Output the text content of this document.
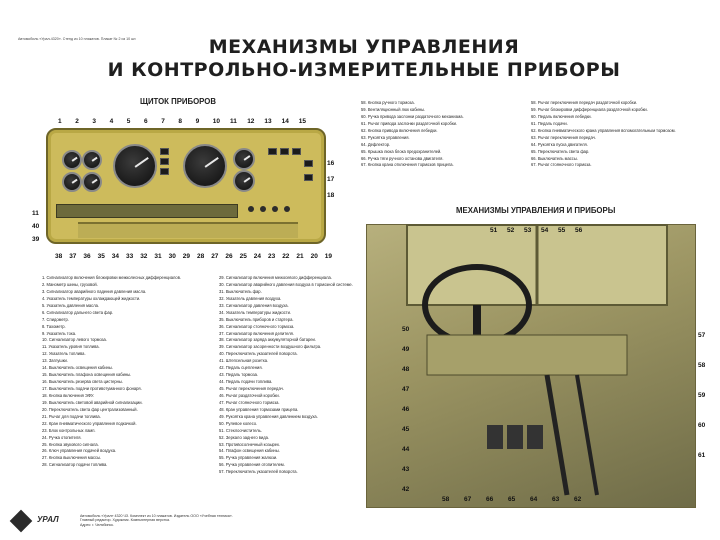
Автомобиль «Урал-4320». Стенд из 10 плакатов. Плакат № 2 из 10 шт.	МЕХАНИЗМЫ УПРАВЛЕНИЯ
И КОНТРОЛЬНО-ИЗМЕРИТЕЛЬНЫЕ ПРИБОРЫ
ЩИТОК ПРИБОРОВ
1 2 3 4 5 6 7 8 9 10 11 12 13 14 15
16
17
18
11
40
39
38 37 36 35 34 33 32 31 30 29 28 27 26 25 24 23 22 21 20 19
МЕХАНИЗМЫ УПРАВЛЕНИЯ И ПРИБОРЫ
51 52 53 54 55 56
50
49
48
47
46
45
44
43
42
57
58
59
60
61
58 67 66 65 64 63 62
1. Сигнализатор включения блокировки межколесных дифференциалов.
2. Манометр шины, грузовой.
3. Сигнализатор аварийного падения давления масла.
4. Указатель температуры охлаждающей жидкости.
5. Указатель давления масла.
6. Сигнализатор дальнего света фар.
7. Спидометр.
8. Тахометр.
9. Указатель тока.
10. Сигнализатор левого тормоза.
11. Указатель уровня топлива.
12. Указатель топлива.
13. Заглушки.
14. Выключатель освещения кабины.
15. Выключатель плафона освещения кабины.
16. Выключатель резерва света цистерны.
17. Выключатель подачи противотуманного фонаря.
18. Кнопка включения ЭФУ.
19. Выключатель световой аварийной сигнализации.
20. Переключатель света фар централизованный.
21. Рычаг для подачи топлива.
22. Кран пневматического управления подкачкой.
23. Блок контрольных ламп.
24. Ручка отопителя.
25. Кнопка звукового сигнала.
26. Ключ управления подачей воздуха.
27. Кнопка выключения массы.
28. Сигнализатор подачи топлива.
29. Сигнализатор включения межосевого дифференциала.
30. Сигнализатор аварийного давления воздуха в тормозной системе.
31. Выключатель фар.
32. Указатель давления воздуха.
33. Сигнализатор давления воздуха.
34. Указатель температуры жидкости.
35. Выключатель приборов и стартера.
36. Сигнализатор стояночного тормоза.
37. Сигнализатор включения делителя.
38. Сигнализатор заряда аккумуляторной батареи.
39. Сигнализатор засоренности воздушного фильтра.
40. Переключатель указателей поворота.
41. Штепсельная розетка.
42. Педаль сцепления.
43. Педаль тормоза.
44. Педаль подачи топлива.
45. Рычаг переключения передач.
46. Рычаг раздаточной коробки.
47. Рычаг стояночного тормоза.
48. Кран управления тормозами прицепа.
49. Рукоятка крана управления давлением воздуха.
50. Рулевое колесо.
51. Стеклоочиститель.
52. Зеркало заднего вида.
53. Противосолнечный козырек.
54. Плафон освещения кабины.
55. Ручка управления жалюзи.
56. Ручка управления отопителем.
57. Переключатель указателей поворота.
58. Кнопка ручного тормоза.
59. Вентиляционный люк кабины.
60. Ручка привода заслонки раздаточного механизма.
61. Рычаг привода заслонки раздаточной коробки.
62. Кнопка привода включения лебедки.
63. Рукоятка управления.
64. Дефлектор.
65. Крышка люка блока предохранителей.
66. Ручка тяги ручного останова двигателя.
67. Кнопка крана отключения тормозов прицепа.
58. Рычаг переключения передач раздаточной коробки.
59. Рычаг блокировки дифференциала раздаточной коробки.
60. Педаль включения лебедки.
61. Педаль подачи.
62. Кнопка пневматического крана управления вспомогательным тормозом.
63. Рычаг переключения передач.
64. Рукоятка пуска двигателя.
65. Переключатель света фар.
66. Выключатель массы.
67. Рычаг стояночного тормоза.
УРАЛ	Автомобиль «Урал» 4320 ЧЗ. Комплект из 10 плакатов. Издатель ООО «Учебная техника».
Главный редактор. Художник. Компьютерная верстка.
Адрес: г. Челябинск.
